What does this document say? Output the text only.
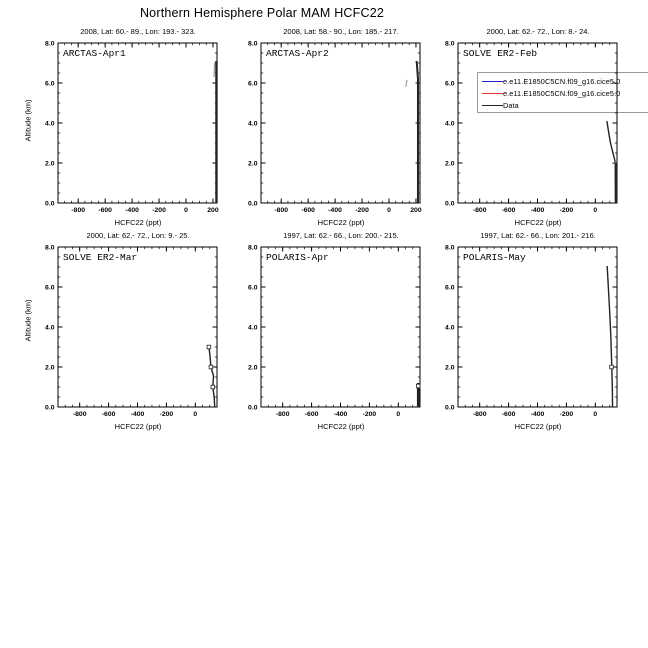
Northern Hemisphere Polar MAM HCFC22
Altitude (km)
Altitude (km)
e.e11.E1850C5CN.f09_g16.cice5.0
e.e11.E1850C5CN.f09_g16.cice5.0
Data
2008, Lat: 60.- 89., Lon: 193.- 323.
-800 -600 -400 -200	0	200
0.0
2.0
4.0
6.0
8.0
ARCTAS-Apr1
HCFC22 (ppt)
2008, Lat: 58.- 90., Lon: 185.- 217.
-800 -600 -400 -200	0	200
0.0
2.0
4.0
6.0
8.0
ARCTAS-Apr2
HCFC22 (ppt)
2000, Lat: 62.- 72., Lon: 8.- 24.
-800 -600 -400 -200	0
0.0
2.0
4.0
6.0
8.0
SOLVE ER2-Feb
HCFC22 (ppt)
2000, Lat: 62.- 72., Lon: 9.- 25.
-800 -600 -400 -200	0
0.0
2.0
4.0
6.0
8.0
SOLVE ER2-Mar
HCFC22 (ppt)
1997, Lat: 62.- 66., Lon: 200.- 215.
-800 -600 -400 -200	0
0.0
2.0
4.0
6.0
8.0
POLARIS-Apr
HCFC22 (ppt)
1997, Lat: 62.- 66., Lon: 201.- 216.
-800 -600 -400 -200	0
0.0
2.0
4.0
6.0
8.0
POLARIS-May
HCFC22 (ppt)
